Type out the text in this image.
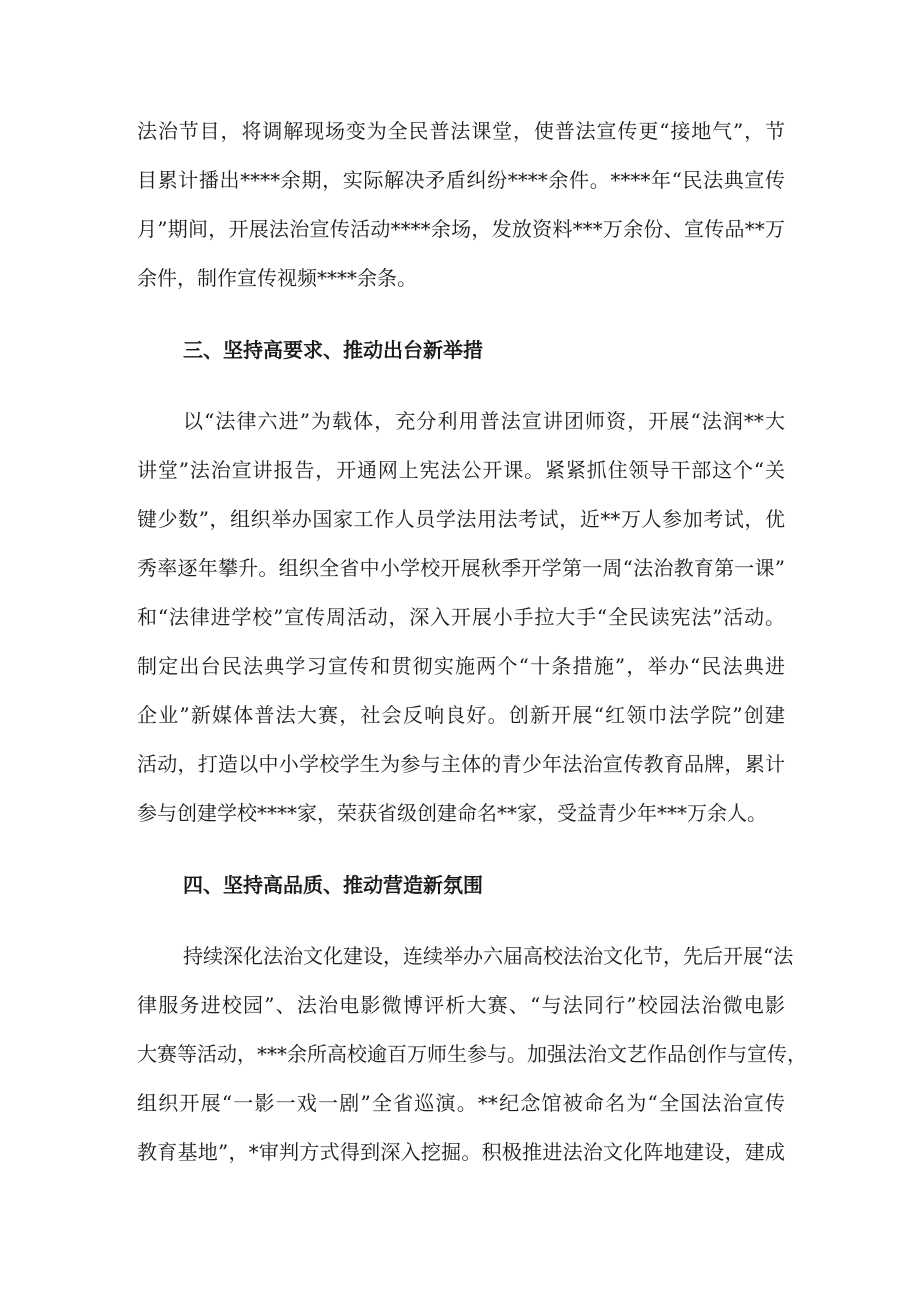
法治节目，将调解现场变为全民普法课堂，使普法宣传更“接地气”，节
目累计播出****余期，实际解决矛盾纠纷****余件。****年“民法典宣传
月”期间，开展法治宣传活动****余场，发放资料***万余份、宣传品**万
余件，制作宣传视频****余条。
三、坚持高要求、推动出台新举措
以“法律六进”为载体，充分利用普法宣讲团师资，开展“法润**大
讲堂”法治宣讲报告，开通网上宪法公开课。紧紧抓住领导干部这个“关
键少数”，组织举办国家工作人员学法用法考试，近**万人参加考试，优
秀率逐年攀升。组织全省中小学校开展秋季开学第一周“法治教育第一课”
和“法律进学校”宣传周活动，深入开展小手拉大手“全民读宪法”活动。
制定出台民法典学习宣传和贯彻实施两个“十条措施”，举办“民法典进
企业”新媒体普法大赛，社会反响良好。创新开展“红领巾法学院”创建
活动，打造以中小学校学生为参与主体的青少年法治宣传教育品牌，累计
参与创建学校****家，荣获省级创建命名**家，受益青少年***万余人。
四、坚持高品质、推动营造新氛围
持续深化法治文化建设，连续举办六届高校法治文化节，先后开展“法
律服务进校园”、法治电影微博评析大赛、“与法同行”校园法治微电影
大赛等活动，***余所高校逾百万师生参与。加强法治文艺作品创作与宣传，
组织开展“一影一戏一剧”全省巡演。**纪念馆被命名为“全国法治宣传
教育基地”，*审判方式得到深入挖掘。积极推进法治文化阵地建设，建成
